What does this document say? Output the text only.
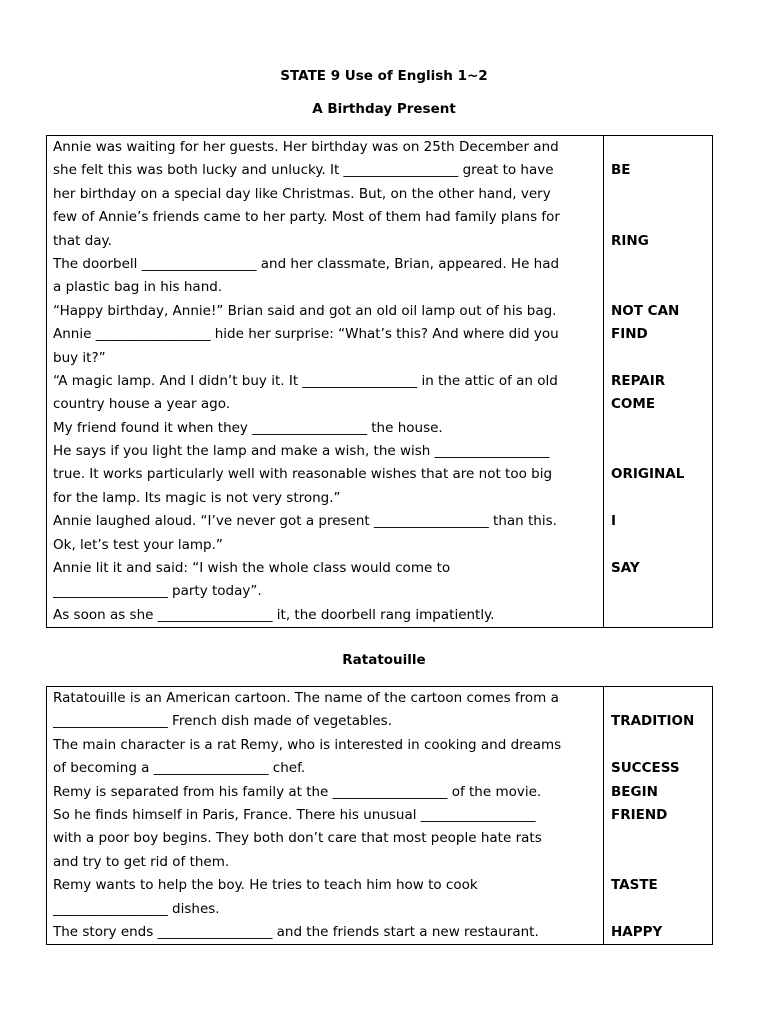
STATE 9 Use of English 1~2
A Birthday Present
Annie was waiting for her guests. Her birthday was on 25th December and
she felt this was both lucky and unlucky. It _________________ great to have
her birthday on a special day like Christmas. But, on the other hand, very
few of Annie’s friends came to her party. Most of them had family plans for
that day.
The doorbell _________________ and her classmate, Brian, appeared. He had
a plastic bag in his hand.
“Happy birthday, Annie!” Brian said and got an old oil lamp out of his bag.
Annie _________________ hide her surprise: “What’s this? And where did you
buy it?”
“A magic lamp. And I didn’t buy it. It _________________ in the attic of an old
country house a year ago.
My friend found it when they _________________ the house.
He says if you light the lamp and make a wish, the wish _________________
true. It works particularly well with reasonable wishes that are not too big
for the lamp. Its magic is not very strong.”
Annie laughed aloud. “I’ve never got a present _________________ than this.
Ok, let’s test your lamp.”
Annie lit it and said: “I wish the whole class would come to
_________________ party today”.
As soon as she _________________ it, the doorbell rang impatiently.
BE
RING
NOT CAN
FIND
REPAIR
COME
ORIGINAL
I
SAY
Ratatouille
Ratatouille is an American cartoon. The name of the cartoon comes from a
_________________ French dish made of vegetables.
The main character is a rat Remy, who is interested in cooking and dreams
of becoming a _________________ chef.
Remy is separated from his family at the _________________ of the movie.
So he finds himself in Paris, France. There his unusual _________________
with a poor boy begins. They both don’t care that most people hate rats
and try to get rid of them.
Remy wants to help the boy. He tries to teach him how to cook
_________________ dishes.
The story ends _________________ and the friends start a new restaurant.
TRADITION
SUCCESS
BEGIN
FRIEND
TASTE
HAPPY
